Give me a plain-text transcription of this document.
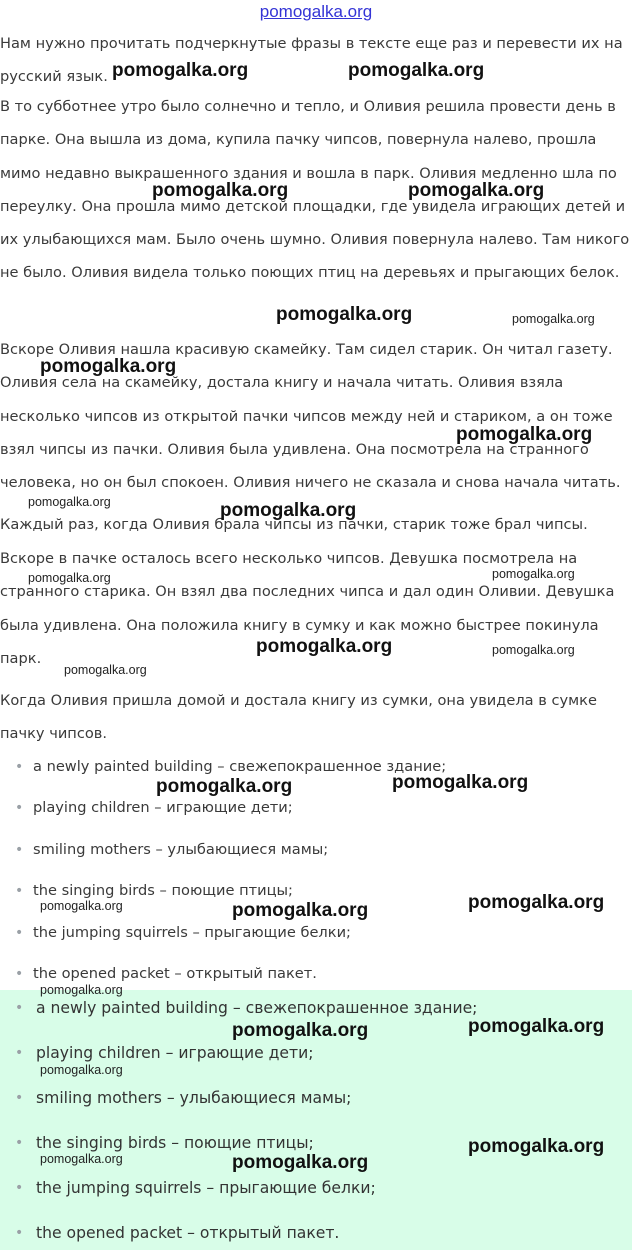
pomogalka.org

Нам нужно прочитать подчеркнутые фразы в тексте еще раз и перевести их на русский язык.

В то субботнее утро было солнечно и тепло, и Оливия решила провести день в парке. Она вышла из дома, купила пачку чипсов, повернула налево, прошла мимо недавно выкрашенного здания и вошла в парк. Оливия медленно шла по переулку. Она прошла мимо детской площадки, где увидела играющих детей и их улыбающихся мам. Было очень шумно. Оливия повернула налево. Там никого не было. Оливия видела только поющих птиц на деревьях и прыгающих белок.

Вскоре Оливия нашла красивую скамейку. Там сидел старик. Он читал газету. Оливия села на скамейку, достала книгу и начала читать. Оливия взяла несколько чипсов из открытой пачки чипсов между ней и стариком, а он тоже взял чипсы из пачки. Оливия была удивлена. Она посмотрела на странного человека, но он был спокоен. Оливия ничего не сказала и снова начала читать.

Каждый раз, когда Оливия брала чипсы из пачки, старик тоже брал чипсы.

Вскоре в пачке осталось всего несколько чипсов. Девушка посмотрела на странного старика. Он взял два последних чипса и дал один Оливии. Девушка была удивлена. Она положила книгу в сумку и как можно быстрее покинула парк.

Когда Оливия пришла домой и достала книгу из сумки, она увидела в сумке пачку чипсов.

• a newly painted building – свежепокрашенное здание;
• playing children – играющие дети;
• smiling mothers – улыбающиеся мамы;
• the singing birds – поющие птицы;
• the jumping squirrels – прыгающие белки;
• the opened packet – открытый пакет.
• a newly painted building – свежепокрашенное здание;
• playing children – играющие дети;
• smiling mothers – улыбающиеся мамы;
• the singing birds – поющие птицы;
• the jumping squirrels – прыгающие белки;
• the opened packet – открытый пакет.
pomogalka.org	pomogalka.org
pomogalka.org	pomogalka.org
pomogalka.org	pomogalka.org
pomogalka.org
pomogalka.org
pomogalka.org	pomogalka.org
pomogalka.org	pomogalka.org
pomogalka.org	pomogalka.org
pomogalka.org
pomogalka.org	pomogalka.org
pomogalka.org
pomogalka.org	pomogalka.org
pomogalka.org
pomogalka.org	pomogalka.org
pomogalka.org
pomogalka.org
pomogalka.org	pomogalka.org
